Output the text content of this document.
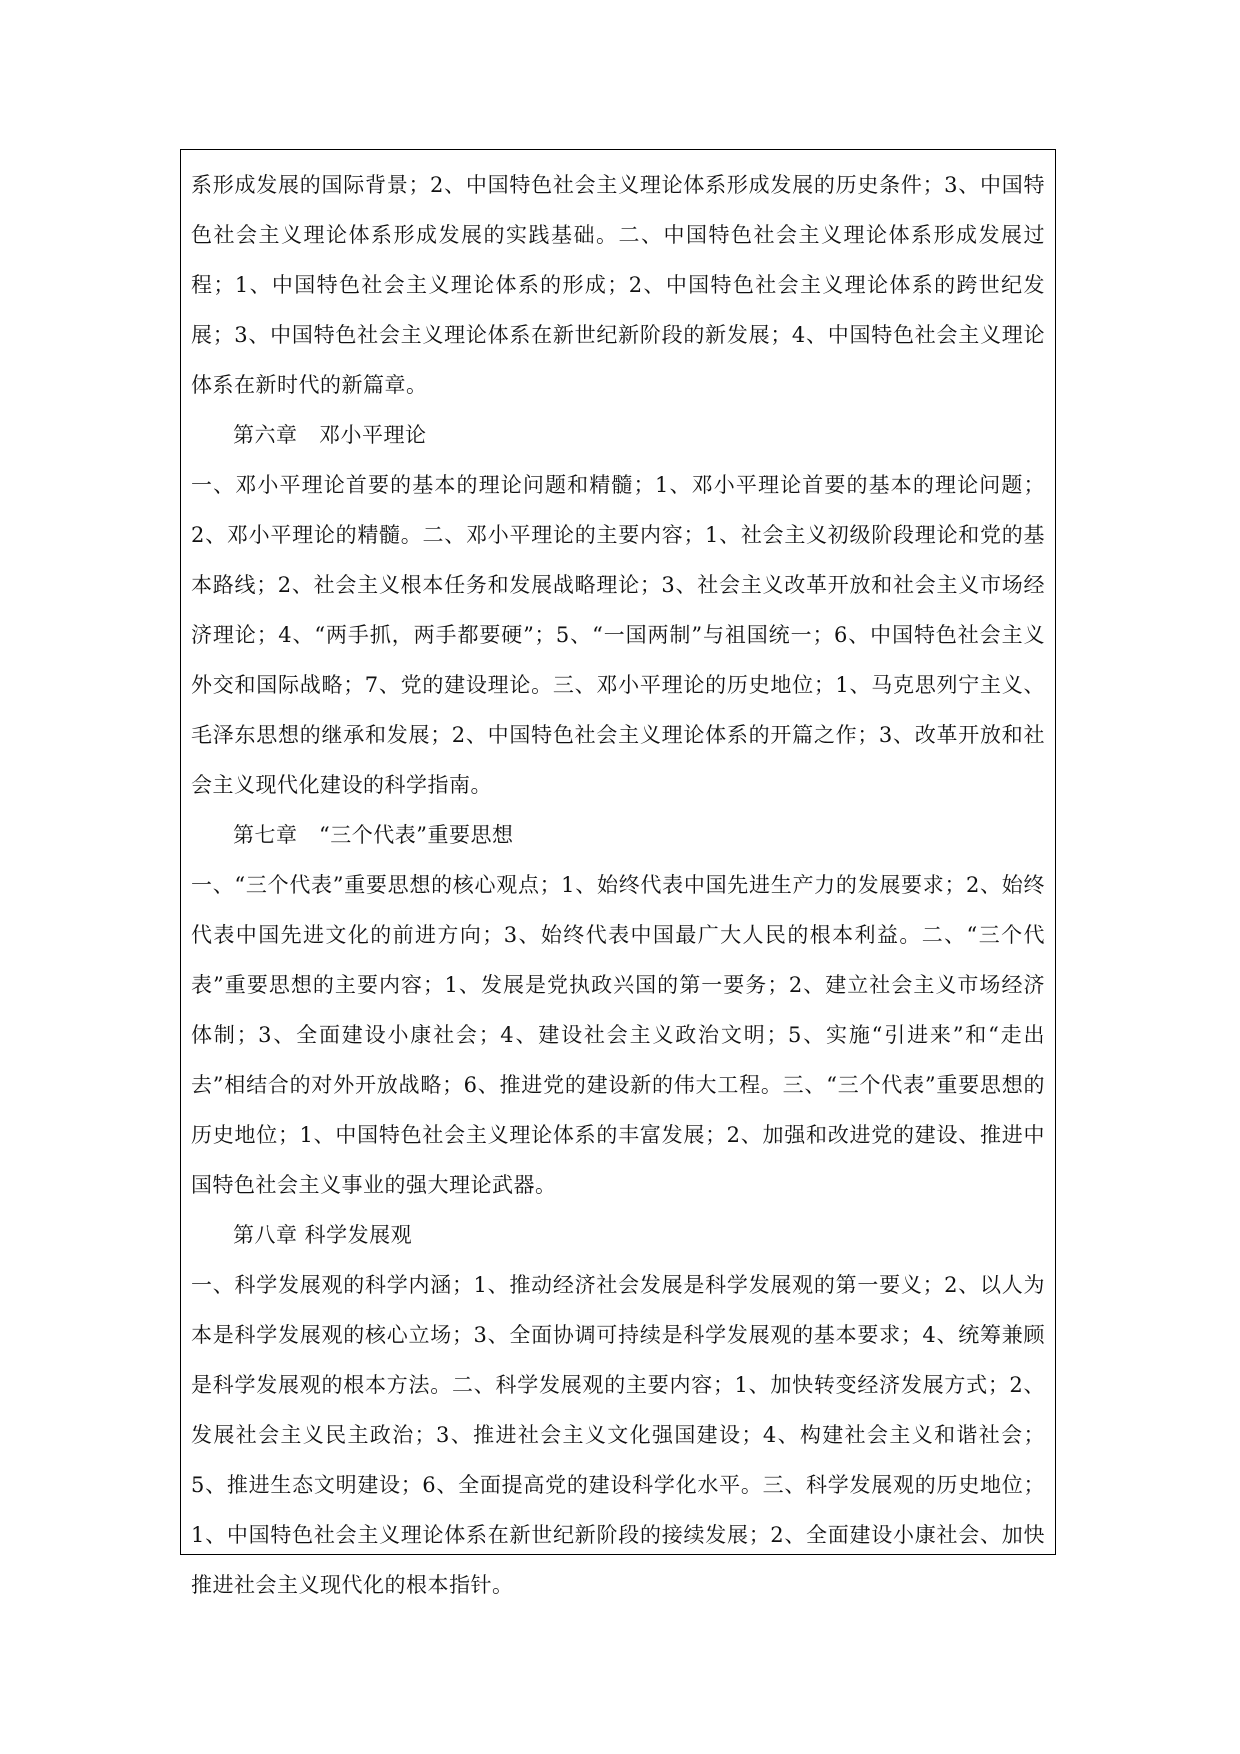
系形成发展的国际背景；2、中国特色社会主义理论体系形成发展的历史条件；3、中国特色社会主义理论体系形成发展的实践基础。二、中国特色社会主义理论体系形成发展过程；1、中国特色社会主义理论体系的形成；2、中国特色社会主义理论体系的跨世纪发展；3、中国特色社会主义理论体系在新世纪新阶段的新发展；4、中国特色社会主义理论体系在新时代的新篇章。

第六章　邓小平理论

一、邓小平理论首要的基本的理论问题和精髓；1、邓小平理论首要的基本的理论问题；2、邓小平理论的精髓。二、邓小平理论的主要内容；1、社会主义初级阶段理论和党的基本路线；2、社会主义根本任务和发展战略理论；3、社会主义改革开放和社会主义市场经济理论；4、“两手抓，两手都要硬”；5、“一国两制”与祖国统一；6、中国特色社会主义外交和国际战略；7、党的建设理论。三、邓小平理论的历史地位；1、马克思列宁主义、毛泽东思想的继承和发展；2、中国特色社会主义理论体系的开篇之作；3、改革开放和社会主义现代化建设的科学指南。

第七章　“三个代表”重要思想

一、“三个代表”重要思想的核心观点；1、始终代表中国先进生产力的发展要求；2、始终代表中国先进文化的前进方向；3、始终代表中国最广大人民的根本利益。二、“三个代表”重要思想的主要内容；1、发展是党执政兴国的第一要务；2、建立社会主义市场经济体制；3、全面建设小康社会；4、建设社会主义政治文明；5、实施“引进来”和“走出去”相结合的对外开放战略；6、推进党的建设新的伟大工程。三、“三个代表”重要思想的历史地位；1、中国特色社会主义理论体系的丰富发展；2、加强和改进党的建设、推进中国特色社会主义事业的强大理论武器。

第八章 科学发展观

一、科学发展观的科学内涵；1、推动经济社会发展是科学发展观的第一要义；2、以人为本是科学发展观的核心立场；3、全面协调可持续是科学发展观的基本要求；4、统筹兼顾是科学发展观的根本方法。二、科学发展观的主要内容；1、加快转变经济发展方式；2、发展社会主义民主政治；3、推进社会主义文化强国建设；4、构建社会主义和谐社会；5、推进生态文明建设；6、全面提高党的建设科学化水平。三、科学发展观的历史地位；1、中国特色社会主义理论体系在新世纪新阶段的接续发展；2、全面建设小康社会、加快推进社会主义现代化的根本指针。
